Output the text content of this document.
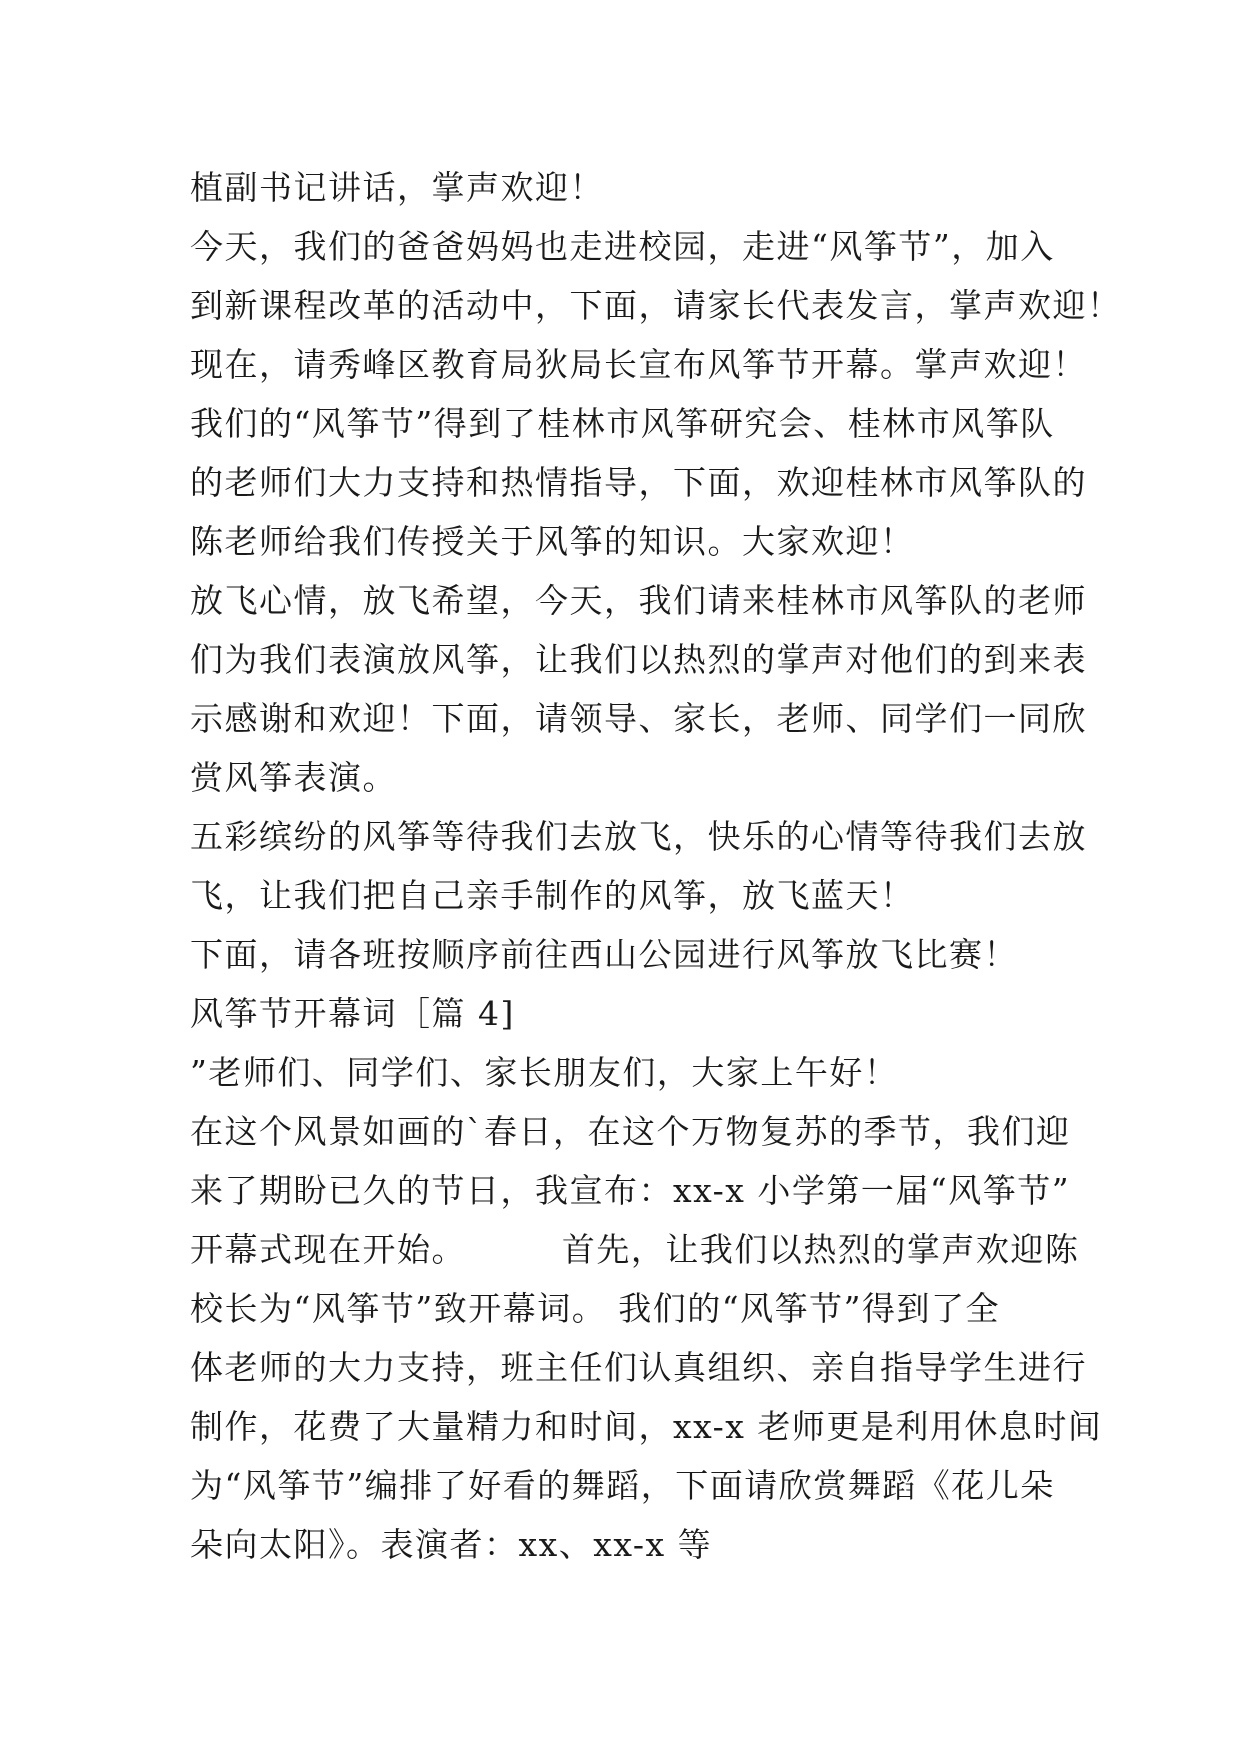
植副书记讲话，掌声欢迎！

今天，我们的爸爸妈妈也走进校园，走进“风筝节”，加入

到新课程改革的活动中，下面，请家长代表发言，掌声欢迎！

现在，请秀峰区教育局狄局长宣布风筝节开幕。掌声欢迎！

我们的“风筝节”得到了桂林市风筝研究会、桂林市风筝队

的老师们大力支持和热情指导，下面，欢迎桂林市风筝队的

陈老师给我们传授关于风筝的知识。大家欢迎！

放飞心情，放飞希望，今天，我们请来桂林市风筝队的老师

们为我们表演放风筝，让我们以热烈的掌声对他们的到来表

示感谢和欢迎！下面，请领导、家长，老师、同学们一同欣

赏风筝表演。

五彩缤纷的风筝等待我们去放飞，快乐的心情等待我们去放

飞，让我们把自己亲手制作的风筝，放飞蓝天！

下面，请各班按顺序前往西山公园进行风筝放飞比赛！

风筝节开幕词［篇 4]

”老师们、同学们、家长朋友们，大家上午好！

在这个风景如画的`春日，在这个万物复苏的季节，我们迎

来了期盼已久的节日，我宣布：xx-x 小学第一届“风筝节”

开幕式现在开始。        首先，让我们以热烈的掌声欢迎陈

校长为“风筝节”致开幕词。 我们的“风筝节”得到了全

体老师的大力支持，班主任们认真组织、亲自指导学生进行

制作，花费了大量精力和时间，xx-x 老师更是利用休息时间

为“风筝节”编排了好看的舞蹈，下面请欣赏舞蹈《花儿朵

朵向太阳》。表演者：xx、xx-x 等
